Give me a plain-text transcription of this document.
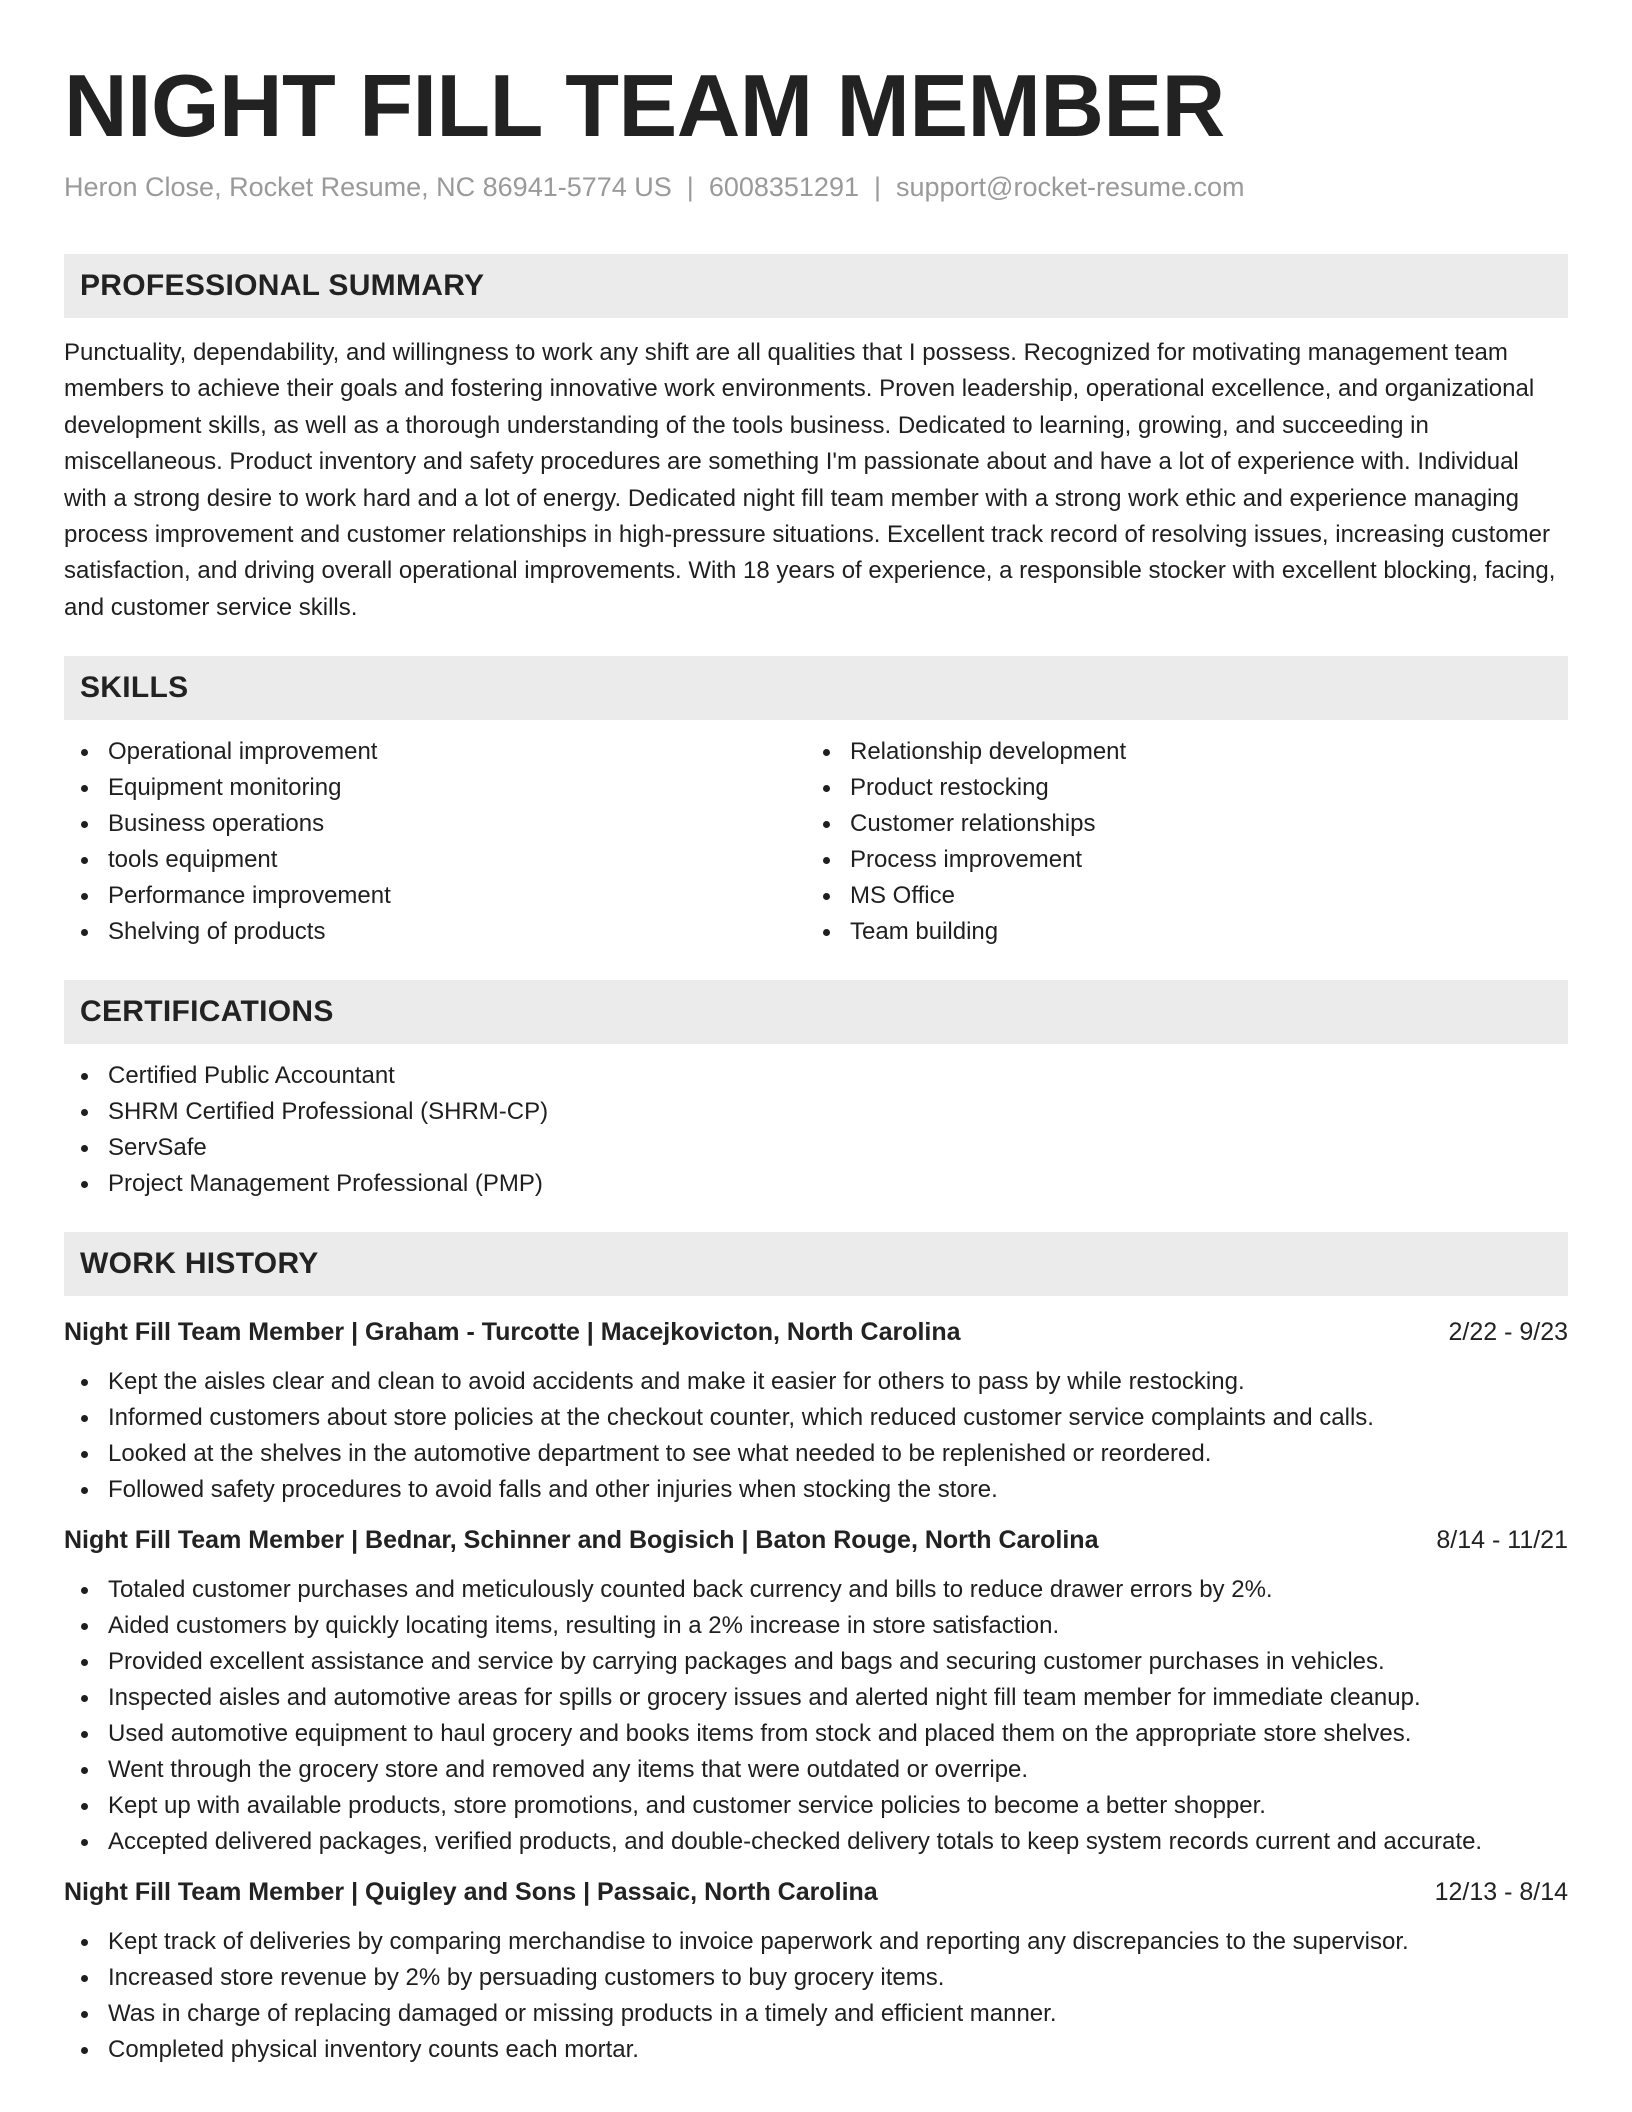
NIGHT FILL TEAM MEMBER
Heron Close, Rocket Resume, NC 86941-5774 US | 6008351291 | support@rocket-resume.com
PROFESSIONAL SUMMARY

Punctuality, dependability, and willingness to work any shift are all qualities that I possess. Recognized for motivating management team members to achieve their goals and fostering innovative work environments. Proven leadership, operational excellence, and organizational development skills, as well as a thorough understanding of the tools business. Dedicated to learning, growing, and succeeding in miscellaneous. Product inventory and safety procedures are something I'm passionate about and have a lot of experience with. Individual with a strong desire to work hard and a lot of energy. Dedicated night fill team member with a strong work ethic and experience managing process improvement and customer relationships in high-pressure situations. Excellent track record of resolving issues, increasing customer satisfaction, and driving overall operational improvements. With 18 years of experience, a responsible stocker with excellent blocking, facing, and customer service skills.

SKILLS
Operational improvement
Equipment monitoring
Business operations
tools equipment
Performance improvement
Shelving of products
Relationship development
Product restocking
Customer relationships
Process improvement
MS Office
Team building
CERTIFICATIONS
Certified Public Accountant
SHRM Certified Professional (SHRM-CP)
ServSafe
Project Management Professional (PMP)
WORK HISTORY
Night Fill Team Member | Graham - Turcotte | Macejkovicton, North Carolina	2/22 - 9/23
Kept the aisles clear and clean to avoid accidents and make it easier for others to pass by while restocking.
Informed customers about store policies at the checkout counter, which reduced customer service complaints and calls.
Looked at the shelves in the automotive department to see what needed to be replenished or reordered.
Followed safety procedures to avoid falls and other injuries when stocking the store.
Night Fill Team Member | Bednar, Schinner and Bogisich | Baton Rouge, North Carolina	8/14 - 11/21
Totaled customer purchases and meticulously counted back currency and bills to reduce drawer errors by 2%.
Aided customers by quickly locating items, resulting in a 2% increase in store satisfaction.
Provided excellent assistance and service by carrying packages and bags and securing customer purchases in vehicles.
Inspected aisles and automotive areas for spills or grocery issues and alerted night fill team member for immediate cleanup.
Used automotive equipment to haul grocery and books items from stock and placed them on the appropriate store shelves.
Went through the grocery store and removed any items that were outdated or overripe.
Kept up with available products, store promotions, and customer service policies to become a better shopper.
Accepted delivered packages, verified products, and double-checked delivery totals to keep system records current and accurate.
Night Fill Team Member | Quigley and Sons | Passaic, North Carolina	12/13 - 8/14
Kept track of deliveries by comparing merchandise to invoice paperwork and reporting any discrepancies to the supervisor.
Increased store revenue by 2% by persuading customers to buy grocery items.
Was in charge of replacing damaged or missing products in a timely and efficient manner.
Completed physical inventory counts each mortar.
